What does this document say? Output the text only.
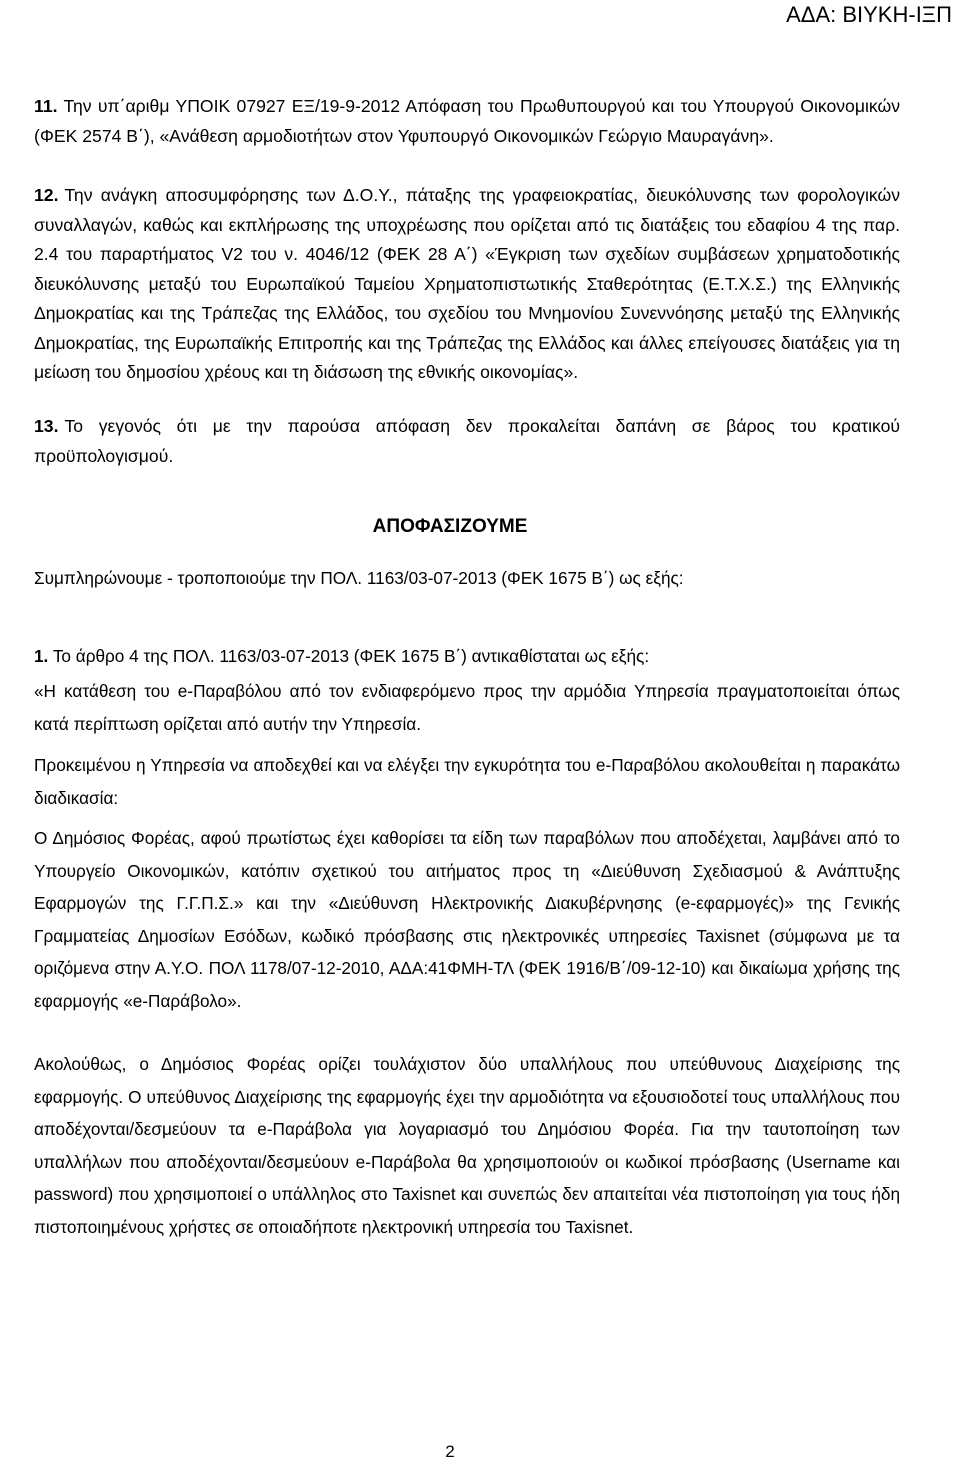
ΑΔΑ: ΒΙΥΚΗ-ΙΞΠ

11. Την υπ΄αριθμ ΥΠΟΙΚ 07927 ΕΞ/19-9-2012 Απόφαση του Πρωθυπουργού και του Υπουργού Οικονομικών (ΦΕΚ 2574 Β΄), «Ανάθεση αρμοδιοτήτων στον Υφυπουργό Οικονομικών Γεώργιο Μαυραγάνη».

12. Την ανάγκη αποσυμφόρησης των Δ.Ο.Υ., πάταξης της γραφειοκρατίας, διευκόλυνσης των φορολογικών συναλλαγών, καθώς και εκπλήρωσης της υποχρέωσης που ορίζεται από τις διατάξεις του εδαφίου 4 της παρ. 2.4 του παραρτήματος V2 του ν. 4046/12 (ΦΕΚ 28 Α΄) «Έγκριση των σχεδίων συμβάσεων χρηματοδοτικής διευκόλυνσης μεταξύ του Ευρωπαϊκού Ταμείου Χρηματοπιστωτικής Σταθερότητας (Ε.Τ.Χ.Σ.) της Ελληνικής Δημοκρατίας και της Τράπεζας της Ελλάδος, του σχεδίου του Μνημονίου Συνεννόησης μεταξύ της Ελληνικής Δημοκρατίας, της Ευρωπαϊκής Επιτροπής και της Τράπεζας της Ελλάδος και άλλες επείγουσες διατάξεις για τη μείωση του δημοσίου χρέους και τη διάσωση της εθνικής οικονομίας».

13. Το γεγονός ότι με την παρούσα απόφαση δεν προκαλείται δαπάνη σε βάρος του κρατικού προϋπολογισμού.

ΑΠΟΦΑΣΙΖΟΥΜΕ

Συμπληρώνουμε - τροποποιούμε την ΠΟΛ. 1163/03-07-2013 (ΦΕΚ 1675 Β΄) ως εξής:

1. Το άρθρο 4 της ΠΟΛ. 1163/03-07-2013 (ΦΕΚ 1675 Β΄) αντικαθίσταται ως εξής:

«Η κατάθεση του e-Παραβόλου από τον ενδιαφερόμενο προς την αρμόδια Υπηρεσία πραγματοποιείται όπως κατά περίπτωση ορίζεται από αυτήν την Υπηρεσία.

Προκειμένου η Υπηρεσία να αποδεχθεί και να ελέγξει την εγκυρότητα του e-Παραβόλου ακολουθείται η παρακάτω διαδικασία:

Ο Δημόσιος Φορέας, αφού πρωτίστως έχει καθορίσει τα είδη των παραβόλων που αποδέχεται, λαμβάνει από το Υπουργείο Οικονομικών, κατόπιν σχετικού του αιτήματος προς τη «Διεύθυνση Σχεδιασμού & Ανάπτυξης Εφαρμογών της Γ.Γ.Π.Σ.» και την «Διεύθυνση Ηλεκτρονικής Διακυβέρνησης (e-εφαρμογές)» της Γενικής Γραμματείας Δημοσίων Εσόδων, κωδικό πρόσβασης στις ηλεκτρονικές υπηρεσίες Taxisnet (σύμφωνα με τα οριζόμενα στην Α.Υ.Ο. ΠΟΛ 1178/07-12-2010, ΑΔΑ:41ΦΜΗ-ΤΛ (ΦΕΚ 1916/Β΄/09-12-10) και δικαίωμα χρήσης της εφαρμογής «e-Παράβολο».

Ακολούθως, ο Δημόσιος Φορέας ορίζει τουλάχιστον δύο υπαλλήλους που υπεύθυνους Διαχείρισης της εφαρμογής. Ο υπεύθυνος Διαχείρισης της εφαρμογής έχει την αρμοδιότητα να εξουσιοδοτεί τους υπαλλήλους που αποδέχονται/δεσμεύουν τα e-Παράβολα για λογαριασμό του Δημόσιου Φορέα. Για την ταυτοποίηση των υπαλλήλων που αποδέχονται/δεσμεύουν e-Παράβολα θα χρησιμοποιούν οι κωδικοί πρόσβασης (Username και password) που χρησιμοποιεί ο υπάλληλος στο Taxisnet και συνεπώς δεν απαιτείται νέα πιστοποίηση για τους ήδη πιστοποιημένους χρήστες σε οποιαδήποτε ηλεκτρονική υπηρεσία του Taxisnet.

2
